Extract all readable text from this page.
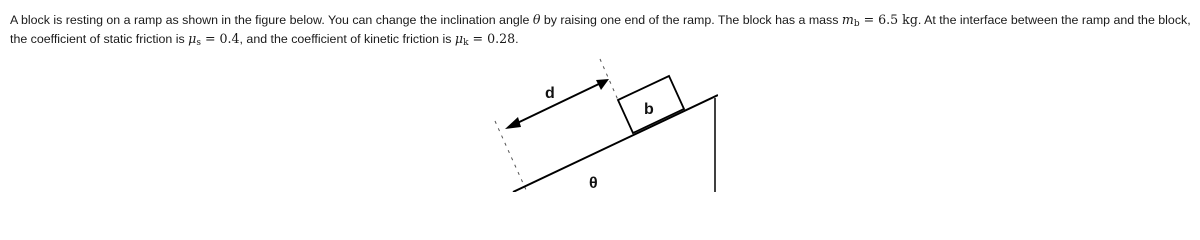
A block is resting on a ramp as shown in the figure below. You can change the inclination angle θ by raising one end of the ramp. The block has a mass $m_b = 6.5$ kg. At the interface between the ramp and the block, the coefficient of static friction is $\mu_s = 0.4$, and the coefficient of kinetic friction is $\mu_k = 0.28$.

d
b
θ
